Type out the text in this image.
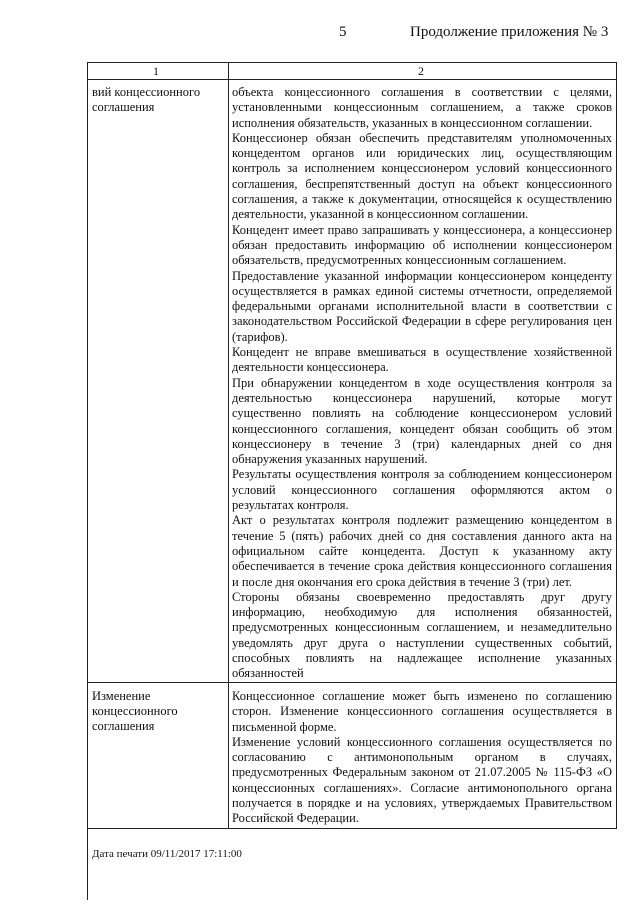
5	Продолжение приложения № 3
1	2
вий концессионного соглашения

объекта концессионного соглашения в соответствии с целями, установленными концессионным соглашением, а также сроков исполнения обязательств, указанных в концессионном соглашении.

Концессионер обязан обеспечить представителям уполномоченных концедентом органов или юридических лиц, осуществляющим контроль за исполнением концессионером условий концессионного соглашения, беспрепятственный доступ на объект концессионного соглашения, а также к документации, относящейся к осуществлению деятельности, указанной в концессионном соглашении.

Концедент имеет право запрашивать у концессионера, а концессионер обязан предоставить информацию об исполнении концессионером обязательств, предусмотренных концессионным соглашением.

Предоставление указанной информации концессионером концеденту осуществляется в рамках единой системы отчетности, определяемой федеральными органами исполнительной власти в соответствии с законодательством Российской Федерации в сфере регулирования цен (тарифов).

Концедент не вправе вмешиваться в осуществление хозяйственной деятельности концессионера.

При обнаружении концедентом в ходе осуществления контроля за деятельностью концессионера нарушений, которые могут существенно повлиять на соблюдение концессионером условий концессионного соглашения, концедент обязан сообщить об этом концессионеру в течение 3 (три) календарных дней со дня обнаружения указанных нарушений.

Результаты осуществления контроля за соблюдением концессионером условий концессионного соглашения оформляются актом о результатах контроля.

Акт о результатах контроля подлежит размещению концедентом в течение 5 (пять) рабочих дней со дня составления данного акта на официальном сайте концедента. Доступ к указанному акту обеспечивается в течение срока действия концессионного соглашения и после дня окончания его срока действия в течение 3 (три) лет.

Стороны обязаны своевременно предоставлять друг другу информацию, необходимую для исполнения обязанностей, предусмотренных концессионным соглашением, и незамедлительно уведомлять друг друга о наступлении существенных событий, способных повлиять на надлежащее исполнение указанных обязанностей

Изменение концессионного соглашения

Концессионное соглашение может быть изменено по соглашению сторон. Изменение концессионного соглашения осуществляется в письменной форме.

Изменение условий концессионного соглашения осуществляется по согласованию с антимонопольным органом в случаях, предусмотренных Федеральным законом от 21.07.2005 № 115-ФЗ «О концессионных соглашениях». Согласие антимонопольного органа получается в порядке и на условиях, утверждаемых Правительством Российской Федерации.

Дата печати 09/11/2017 17:11:00
